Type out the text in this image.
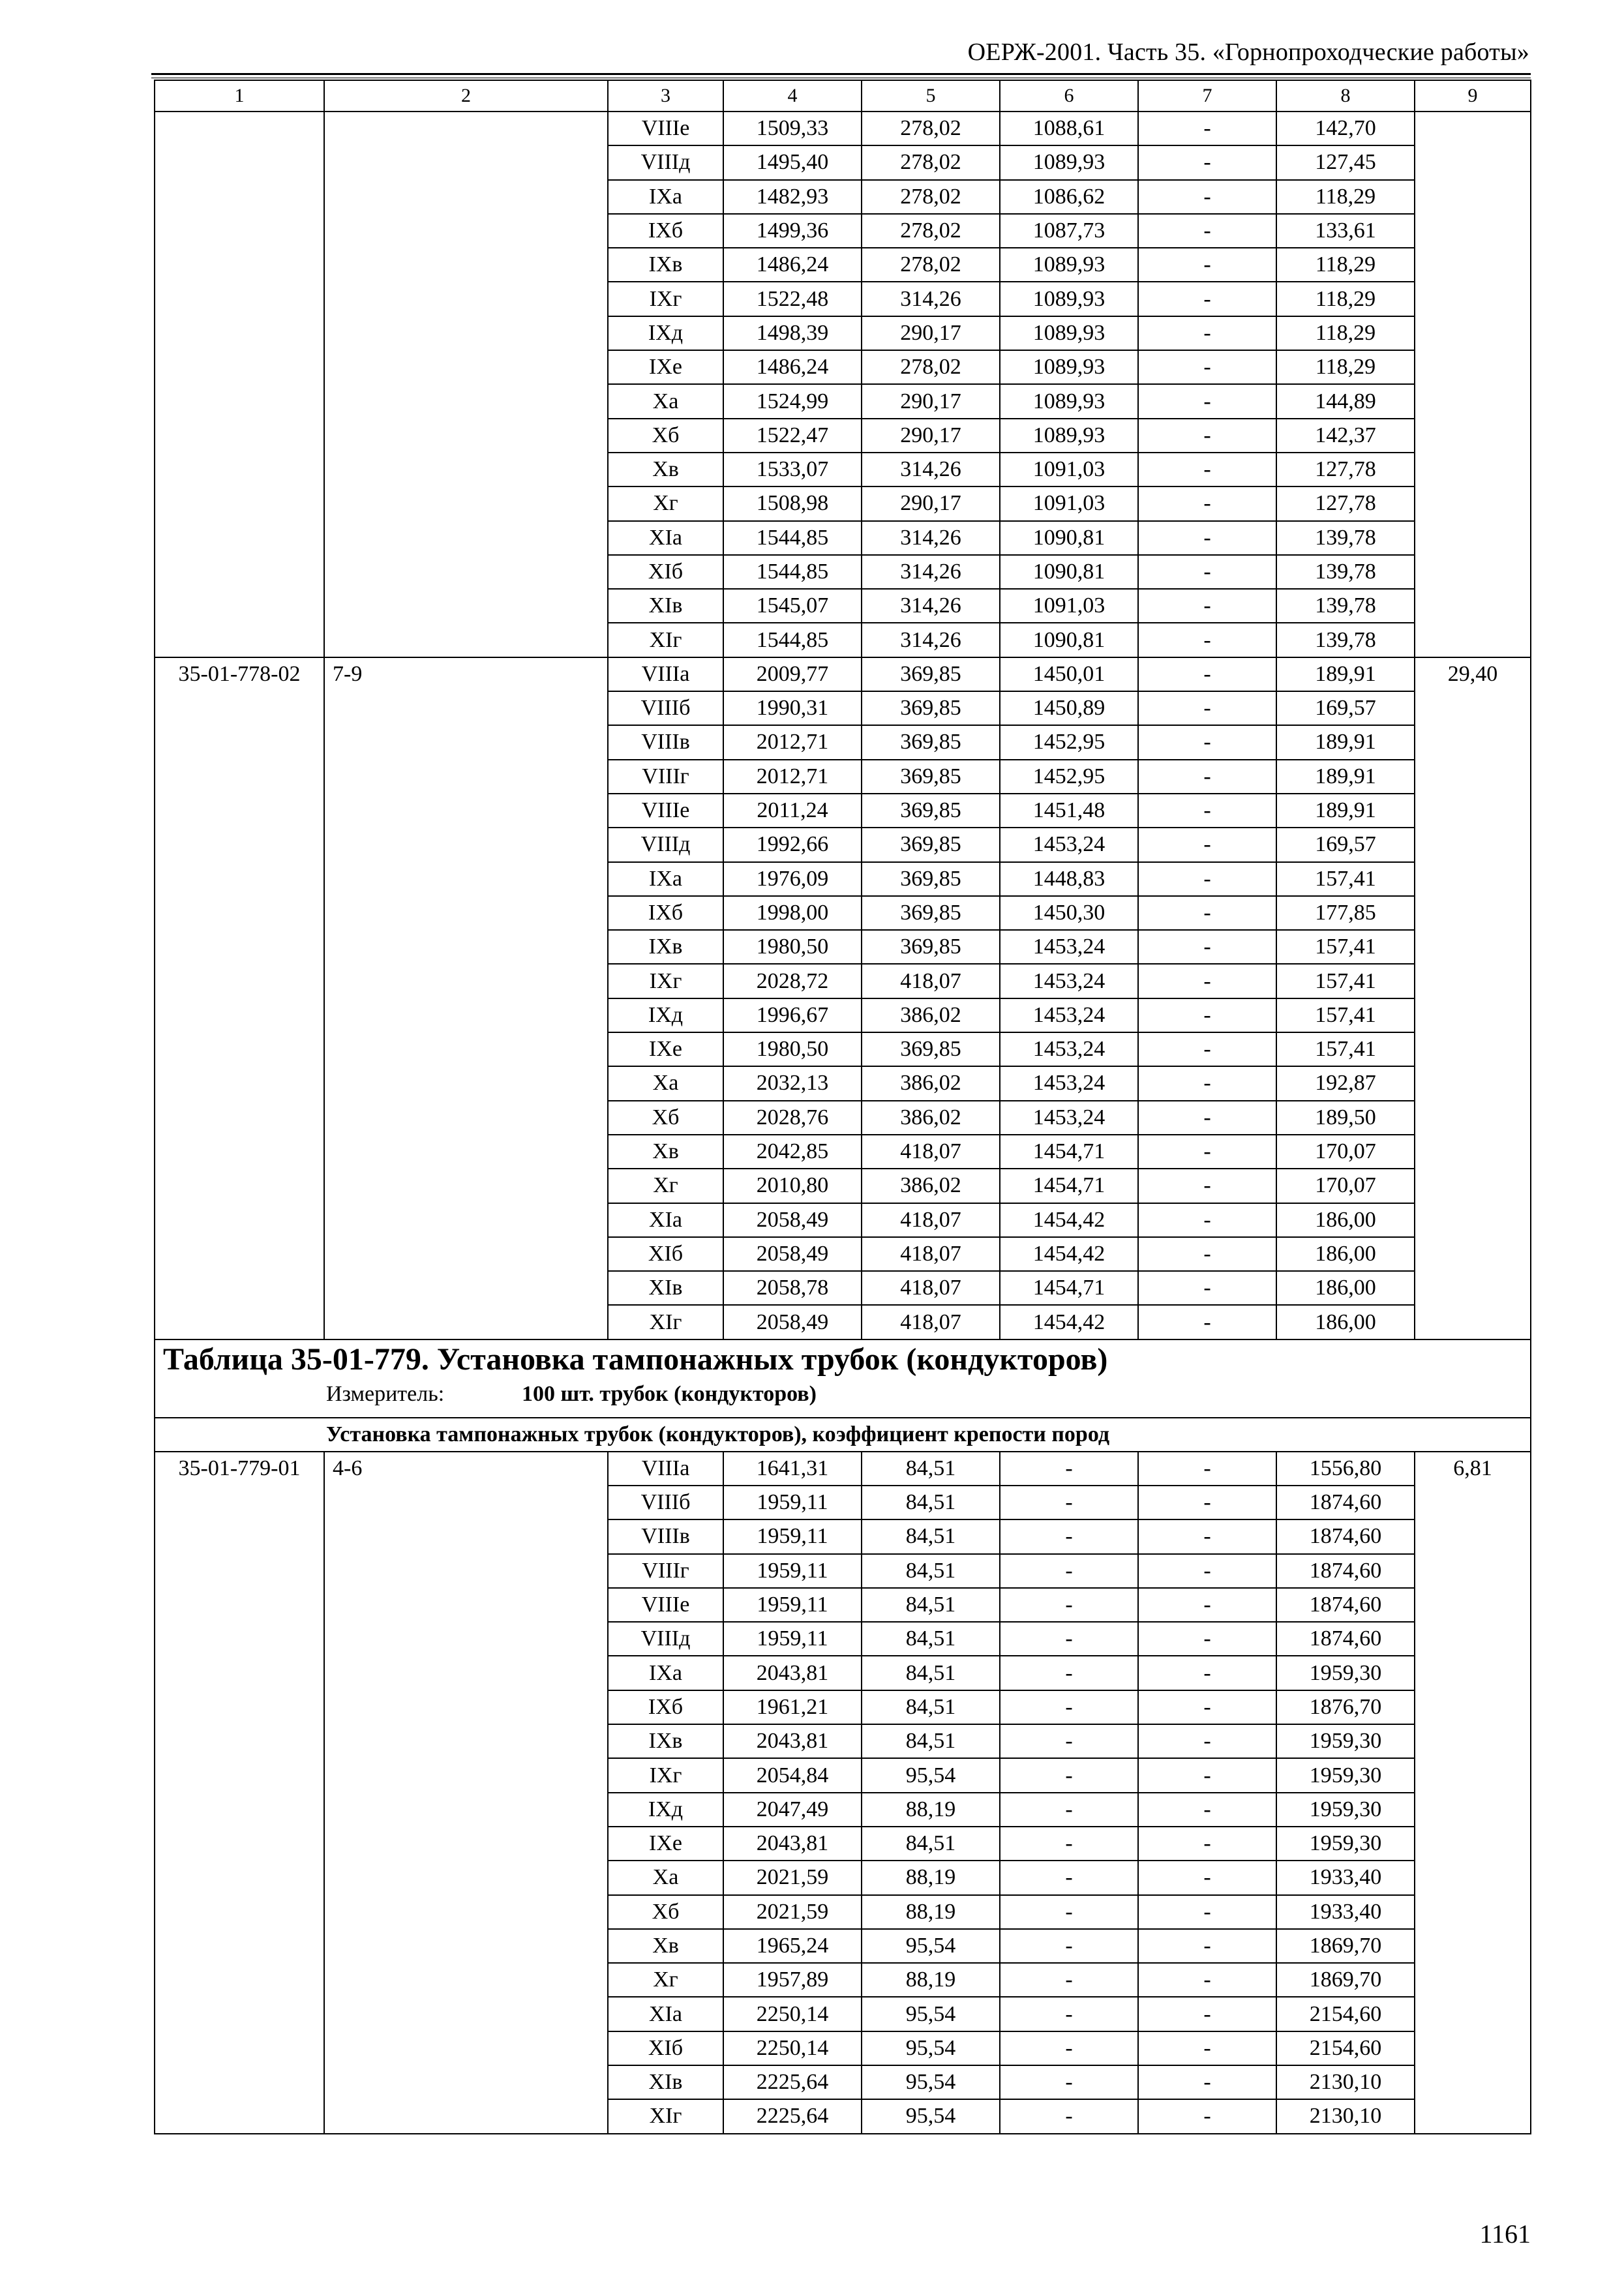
ОЕРЖ-2001. Часть 35. «Горнопроходческие работы»
1	2	3	4	5	6	7	8	9
		VIIIе	1509,33	278,02	1088,61	-	142,70	
		VIIIд	1495,40	278,02	1089,93	-	127,45	
		IXа	1482,93	278,02	1086,62	-	118,29	
		IXб	1499,36	278,02	1087,73	-	133,61	
		IXв	1486,24	278,02	1089,93	-	118,29	
		IXг	1522,48	314,26	1089,93	-	118,29	
		IXд	1498,39	290,17	1089,93	-	118,29	
		IXе	1486,24	278,02	1089,93	-	118,29	
		Xа	1524,99	290,17	1089,93	-	144,89	
		Xб	1522,47	290,17	1089,93	-	142,37	
		Xв	1533,07	314,26	1091,03	-	127,78	
		Xг	1508,98	290,17	1091,03	-	127,78	
		XIа	1544,85	314,26	1090,81	-	139,78	
		XIб	1544,85	314,26	1090,81	-	139,78	
		XIв	1545,07	314,26	1091,03	-	139,78	
		XIг	1544,85	314,26	1090,81	-	139,78	
35-01-778-02	7-9	VIIIа	2009,77	369,85	1450,01	-	189,91	29,40
		VIIIб	1990,31	369,85	1450,89	-	169,57	
		VIIIв	2012,71	369,85	1452,95	-	189,91	
		VIIIг	2012,71	369,85	1452,95	-	189,91	
		VIIIе	2011,24	369,85	1451,48	-	189,91	
		VIIIд	1992,66	369,85	1453,24	-	169,57	
		IXа	1976,09	369,85	1448,83	-	157,41	
		IXб	1998,00	369,85	1450,30	-	177,85	
		IXв	1980,50	369,85	1453,24	-	157,41	
		IXг	2028,72	418,07	1453,24	-	157,41	
		IXд	1996,67	386,02	1453,24	-	157,41	
		IXе	1980,50	369,85	1453,24	-	157,41	
		Xа	2032,13	386,02	1453,24	-	192,87	
		Xб	2028,76	386,02	1453,24	-	189,50	
		Xв	2042,85	418,07	1454,71	-	170,07	
		Xг	2010,80	386,02	1454,71	-	170,07	
		XIа	2058,49	418,07	1454,42	-	186,00	
		XIб	2058,49	418,07	1454,42	-	186,00	
		XIв	2058,78	418,07	1454,71	-	186,00	
		XIг	2058,49	418,07	1454,42	-	186,00	

Таблица 35-01-779. Установка тампонажных трубок (кондукторов)
Измеритель: 100 шт. трубок (кондукторов)								

Установка тампонажных трубок (кондукторов), коэффициент крепости пород								
35-01-779-01	4-6	VIIIа	1641,31	84,51	-	-	1556,80	6,81
		VIIIб	1959,11	84,51	-	-	1874,60	
		VIIIв	1959,11	84,51	-	-	1874,60	
		VIIIг	1959,11	84,51	-	-	1874,60	
		VIIIе	1959,11	84,51	-	-	1874,60	
		VIIIд	1959,11	84,51	-	-	1874,60	
		IXа	2043,81	84,51	-	-	1959,30	
		IXб	1961,21	84,51	-	-	1876,70	
		IXв	2043,81	84,51	-	-	1959,30	
		IXг	2054,84	95,54	-	-	1959,30	
		IXд	2047,49	88,19	-	-	1959,30	
		IXе	2043,81	84,51	-	-	1959,30	
		Xа	2021,59	88,19	-	-	1933,40	
		Xб	2021,59	88,19	-	-	1933,40	
		Xв	1965,24	95,54	-	-	1869,70	
		Xг	1957,89	88,19	-	-	1869,70	
		XIа	2250,14	95,54	-	-	2154,60	
		XIб	2250,14	95,54	-	-	2154,60	
		XIв	2225,64	95,54	-	-	2130,10	
		XIг	2225,64	95,54	-	-	2130,10	
1161
